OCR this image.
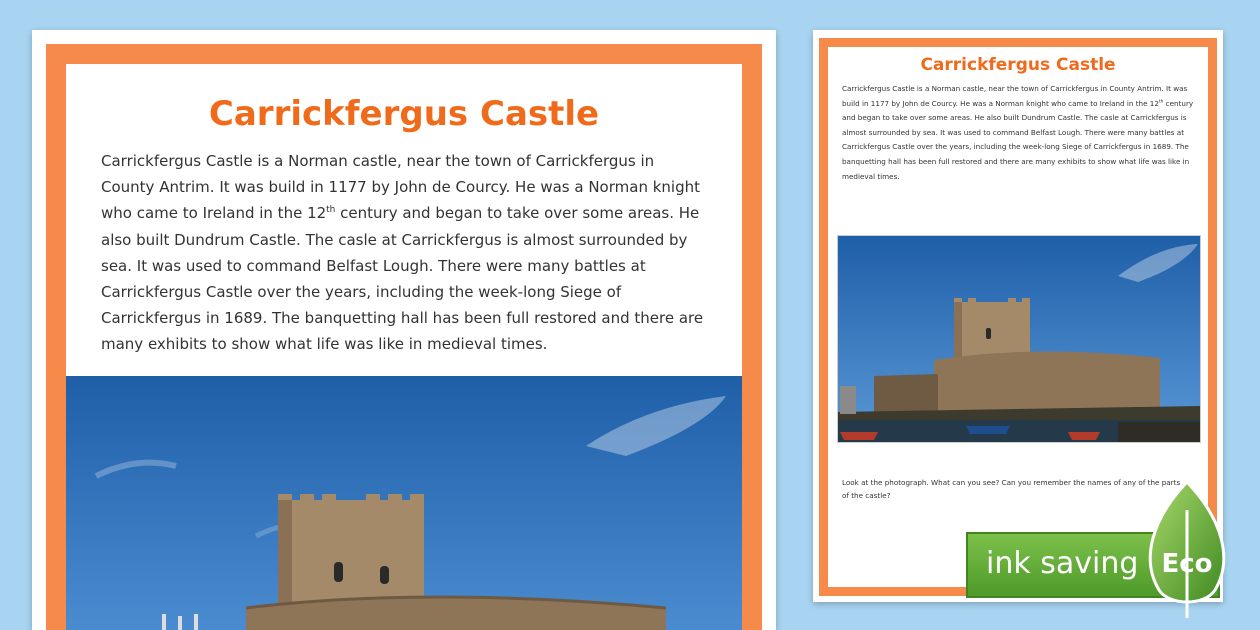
Carrickfergus Castle

Carrickfergus Castle is a Norman castle, near the town of Carrickfergus in County Antrim. It was build in 1177 by John de Courcy. He was a Norman knight who came to Ireland in the 12th century and began to take over some areas. He also built Dundrum Castle. The casle at Carrickfergus is almost surrounded by sea. It was used to command Belfast Lough. There were many battles at Carrickfergus Castle over the years, including the week-long Siege of Carrickfergus in 1689. The banquetting hall has been full restored and there are many exhibits to show what life was like in medieval times.

Carrickfergus Castle

Carrickfergus Castle is a Norman castle, near the town of Carrickfergus in County Antrim. It was build in 1177 by John de Courcy. He was a Norman knight who came to Ireland in the 12th century and began to take over some areas. He also built Dundrum Castle. The casle at Carrickfergus is almost surrounded by sea. It was used to command Belfast Lough. There were many battles at Carrickfergus Castle over the years, including the week-long Siege of Carrickfergus in 1689. The banquetting hall has been full restored and there are many exhibits to show what life was like in medieval times.

Look at the photograph. What can you see? Can you remember the names of any of the parts of the castle?

ink saving Eco
